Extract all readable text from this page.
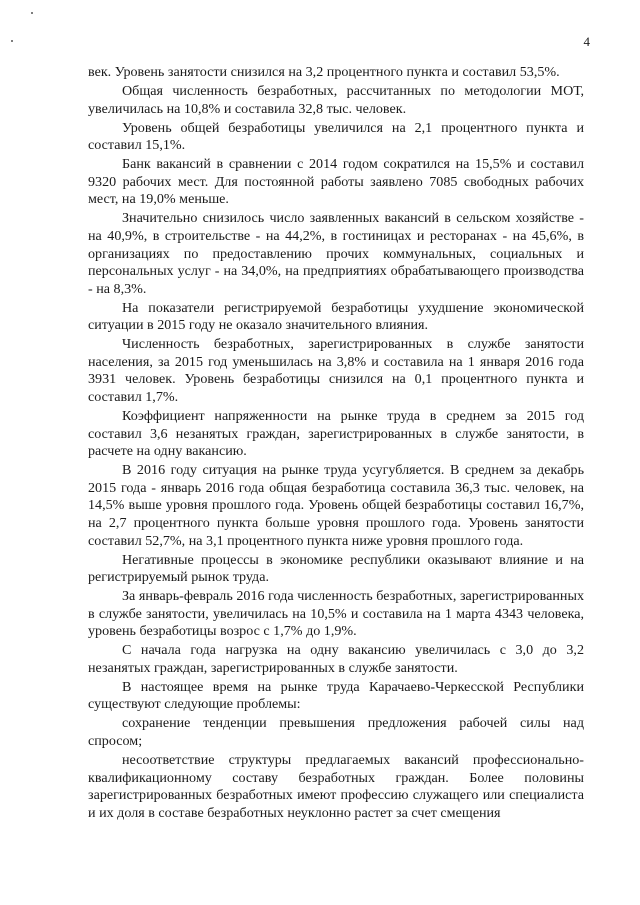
4

век. Уровень занятости снизился на 3,2 процентного пункта и составил 53,5%.

Общая численность безработных, рассчитанных по методологии МОТ, увеличилась на 10,8% и составила 32,8 тыс. человек.

Уровень общей безработицы увеличился на 2,1 процентного пункта и составил 15,1%.

Банк вакансий в сравнении с 2014 годом сократился на 15,5% и составил 9320 рабочих мест. Для постоянной работы заявлено 7085 свободных рабочих мест, на 19,0% меньше.

Значительно снизилось число заявленных вакансий в сельском хозяйстве - на 40,9%, в строительстве - на 44,2%, в гостиницах и ресторанах - на 45,6%, в организациях по предоставлению прочих коммунальных, социальных и персональных услуг - на 34,0%, на предприятиях обрабатывающего производства - на 8,3%.

На показатели регистрируемой безработицы ухудшение экономической ситуации в 2015 году не оказало значительного влияния.

Численность безработных, зарегистрированных в службе занятости населения, за 2015 год уменьшилась на 3,8% и составила на 1 января 2016 года 3931 человек. Уровень безработицы снизился на 0,1 процентного пункта и составил 1,7%.

Коэффициент напряженности на рынке труда в среднем за 2015 год составил 3,6 незанятых граждан, зарегистрированных в службе занятости, в расчете на одну вакансию.

В 2016 году ситуация на рынке труда усугубляется. В среднем за декабрь 2015 года - январь 2016 года общая безработица составила 36,3 тыс. человек, на 14,5% выше уровня прошлого года. Уровень общей безработицы составил 16,7%, на 2,7 процентного пункта больше уровня прошлого года. Уровень занятости составил 52,7%, на 3,1 процентного пункта ниже уровня прошлого года.

Негативные процессы в экономике республики оказывают влияние и на регистрируемый рынок труда.

За январь-февраль 2016 года численность безработных, зарегистрированных в службе занятости, увеличилась на 10,5% и составила на 1 марта 4343 человека, уровень безработицы возрос с 1,7% до 1,9%.

С начала года нагрузка на одну вакансию увеличилась с 3,0 до 3,2 незанятых граждан, зарегистрированных в службе занятости.

В настоящее время на рынке труда Карачаево-Черкесской Республики существуют следующие проблемы:

сохранение тенденции превышения предложения рабочей силы над спросом;

несоответствие структуры предлагаемых вакансий профессионально-квалификационному составу безработных граждан. Более половины зарегистрированных безработных имеют профессию служащего или специалиста и их доля в составе безработных неуклонно растет за счет смещения
